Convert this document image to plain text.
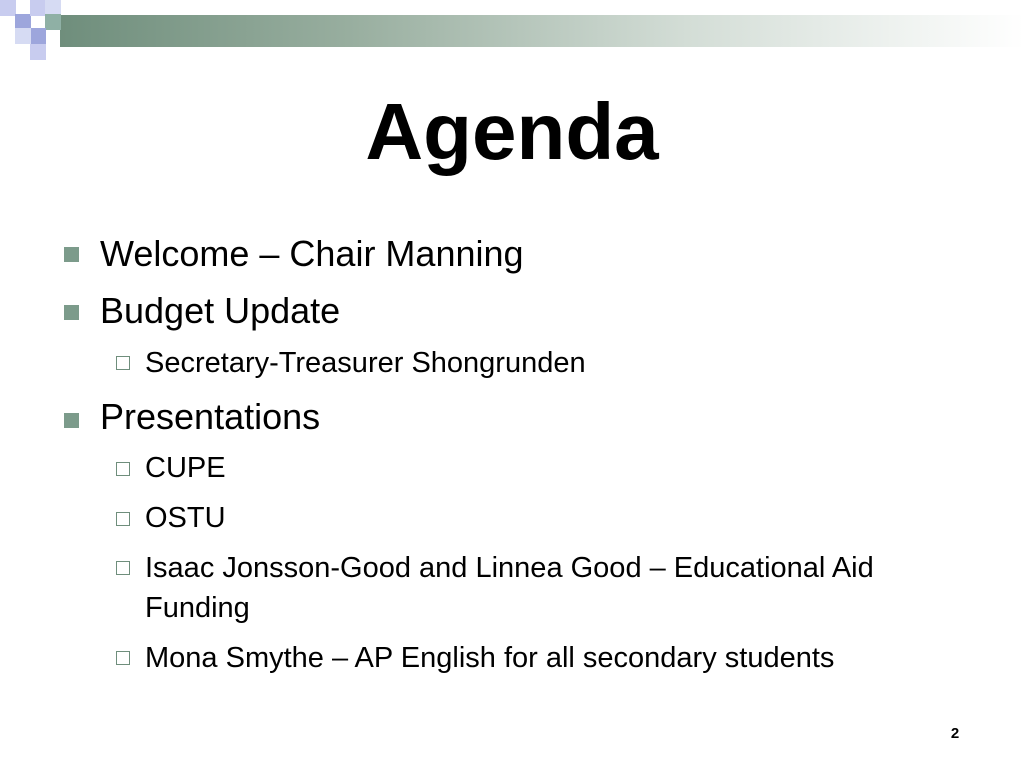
Agenda
Welcome – Chair Manning
Budget Update
Secretary-Treasurer Shongrunden
Presentations
CUPE
OSTU
Isaac Jonsson-Good and Linnea Good – Educational Aid Funding
Mona Smythe – AP English for all secondary students
2
